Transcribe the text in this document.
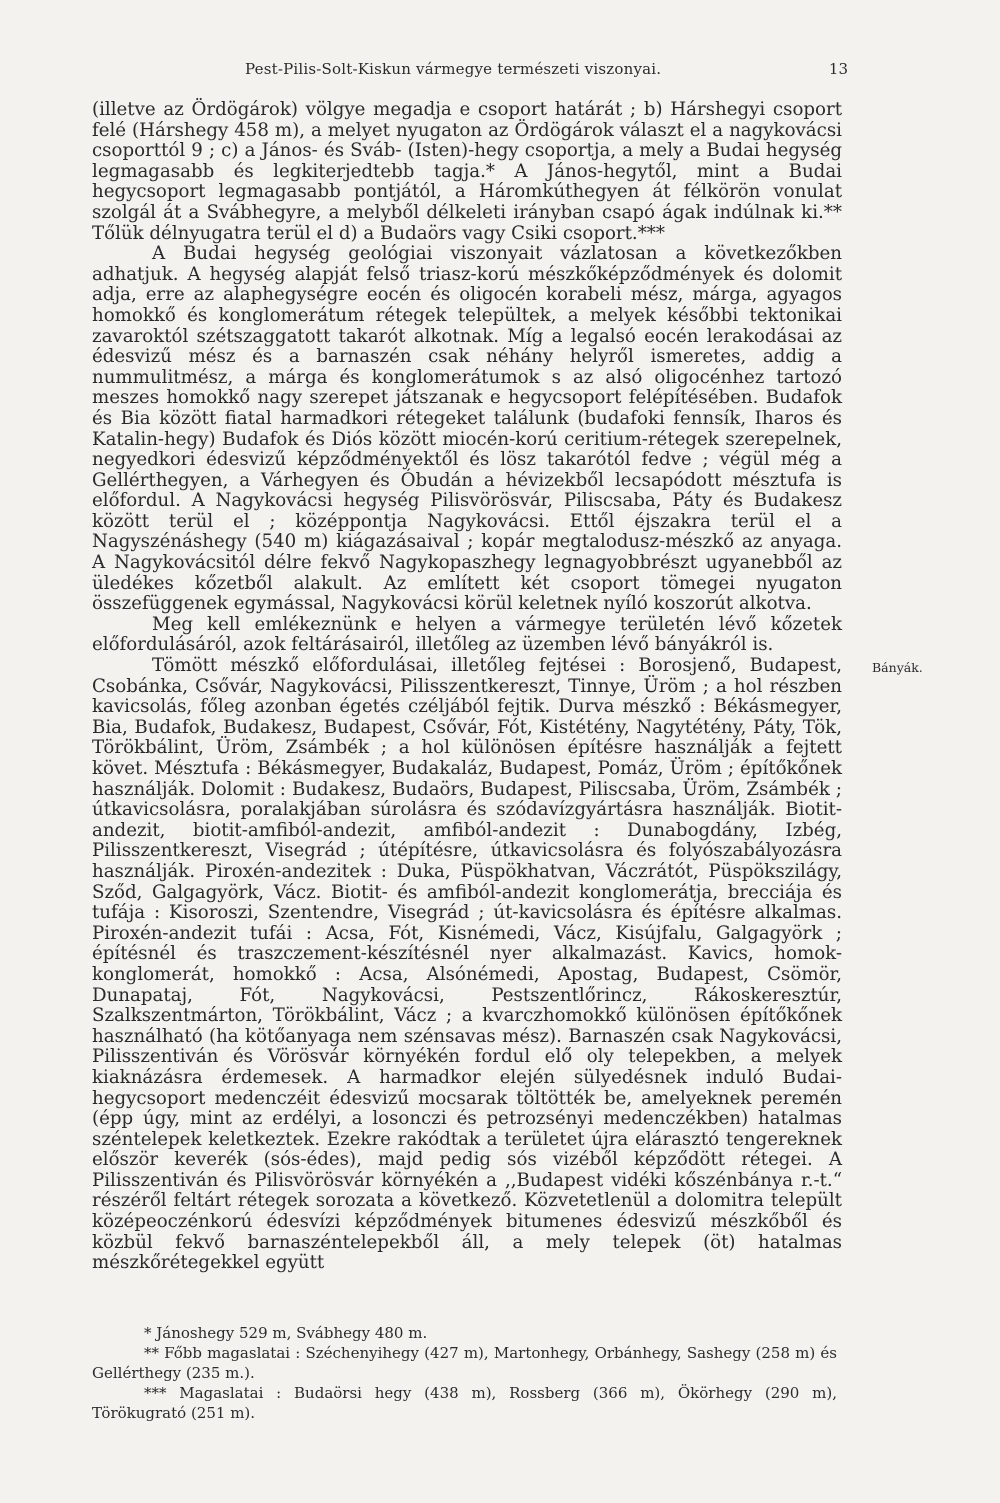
Pest-Pilis-Solt-Kiskun vármegye természeti viszonyai.	13

(illetve az Ördögárok) völgye megadja e csoport határát ; b) Hárshegyi csoport felé (Hárshegy 458 m), a melyet nyugaton az Ördögárok választ el a nagykovácsi csoporttól 9 ; c) a János- és Sváb- (Isten)-hegy csoportja, a mely a Budai hegység legmagasabb és legkiterjedtebb tagja.* A János-hegytől, mint a Budai hegycsoport legmagasabb pontjától, a Háromkúthegyen át félkörön vonulat szolgál át a Svábhegyre, a melyből délkeleti irányban csapó ágak indúlnak ki.** Tőlük délnyugatra terül el d) a Budaörs vagy Csiki csoport.***

A Budai hegység geológiai viszonyait vázlatosan a következőkben adhatjuk. A hegység alapját felső triasz-korú mészkőképződmények és dolomit adja, erre az alaphegységre eocén és oligocén korabeli mész, márga, agyagos homokkő és konglomerátum rétegek települtek, a melyek későbbi tektonikai zavaroktól szétszaggatott takarót alkotnak. Míg a legalsó eocén lerakodásai az édesvizű mész és a barnaszén csak néhány helyről ismeretes, addig a nummulitmész, a márga és konglomerátumok s az alsó oligocénhez tartozó meszes homokkő nagy szerepet játszanak e hegycsoport felépítésében. Budafok és Bia között fiatal harmadkori rétegeket találunk (budafoki fennsík, Iharos és Katalin-hegy) Budafok és Diós között miocén-korú ceritium-rétegek szerepelnek, negyedkori édesvizű képződményektől és lösz takarótól fedve ; végül még a Gellérthegyen, a Várhegyen és Óbudán a hévizekből lecsapódott mésztufa is előfordul. A Nagykovácsi hegység Pilisvörösvár, Piliscsaba, Páty és Budakesz között terül el ; középpontja Nagykovácsi. Ettől éjszakra terül el a Nagyszénáshegy (540 m) kiágazásaival ; kopár megtalodusz-mészkő az anyaga. A Nagykovácsitól délre fekvő Nagykopaszhegy legnagyobbrészt ugyanebből az üledékes kőzetből alakult. Az említett két csoport tömegei nyugaton összefüggenek egymással, Nagykovácsi körül keletnek nyíló koszorút alkotva.

Meg kell emlékeznünk e helyen a vármegye területén lévő kőzetek előfordulásáról, azok feltárásairól, illetőleg az üzemben lévő bányákról is.

Tömött mészkő előfordulásai, illetőleg fejtései : Borosjenő, Budapest, Csobánka, Csővár, Nagykovácsi, Pilisszentkereszt, Tinnye, Üröm ; a hol részben kavicsolás, főleg azonban égetés czéljából fejtik. Durva mészkő : Békásmegyer, Bia, Budafok, Budakesz, Budapest, Csővár, Fót, Kistétény, Nagytétény, Páty, Tök, Törökbálint, Üröm, Zsámbék ; a hol különösen építésre használják a fejtett követ. Mésztufa : Békásmegyer, Budakaláz, Budapest, Pomáz, Üröm ; építőkőnek használják. Dolomit : Budakesz, Budaörs, Budapest, Piliscsaba, Üröm, Zsámbék ; útkavicsolásra, poralakjában súrolásra és szódavízgyártásra használják. Biotit-andezit, biotit-amfiból-andezit, amfiból-andezit : Dunabogdány, Izbég, Pilisszentkereszt, Visegrád ; útépítésre, útkavicsolásra és folyószabályozásra használják. Piroxén-andezitek : Duka, Püspökhatvan, Váczrátót, Püspökszilágy, Sződ, Galgagyörk, Vácz. Biotit- és amfiból-andezit konglomerátja, brecciája és tufája : Kisoroszi, Szentendre, Visegrád ; út-kavicsolásra és építésre alkalmas. Piroxén-andezit tufái : Acsa, Fót, Kisnémedi, Vácz, Kisújfalu, Galgagyörk ; építésnél és traszczement-készítésnél nyer alkalmazást. Kavics, homok-konglomerát, homokkő : Acsa, Alsónémedi, Apostag, Budapest, Csömör, Dunapataj, Fót, Nagykovácsi, Pestszentlőrincz, Rákoskeresztúr, Szalkszentmárton, Törökbálint, Vácz ; a kvarczhomokkő különösen építőkőnek használható (ha kötőanyaga nem szénsavas mész). Barnaszén csak Nagykovácsi, Pilisszentiván és Vörösvár környékén fordul elő oly telepekben, a melyek kiaknázásra érdemesek. A harmadkor elején sülyedésnek induló Budai-hegycsoport medenczéit édesvizű mocsarak töltötték be, amelyeknek peremén (épp úgy, mint az erdélyi, a losonczi és petrozsényi medenczékben) hatalmas széntelepek keletkeztek. Ezekre rakódtak a területet újra elárasztó tengereknek először keverék (sós-édes), majd pedig sós vizéből képződött rétegei. A Pilisszentiván és Pilisvörösvár környékén a ,,Budapest vidéki kőszénbánya r.-t.“ részéről feltárt rétegek sorozata a következő. Közvetetlenül a dolomitra települt középeoczénkorú édesvízi képződmények bitumenes édesvizű mészkőből és közbül fekvő barnaszéntelepekből áll, a mely telepek (öt) hatalmas mészkőrétegekkel együtt

Bányák.

* Jánoshegy 529 m, Svábhegy 480 m.

** Főbb magaslatai : Széchenyihegy (427 m), Martonhegy, Orbánhegy, Sashegy (258 m) és Gellérthegy (235 m.).

*** Magaslatai : Budaörsi hegy (438 m), Rossberg (366 m), Ökörhegy (290 m), Törökugrató (251 m).
